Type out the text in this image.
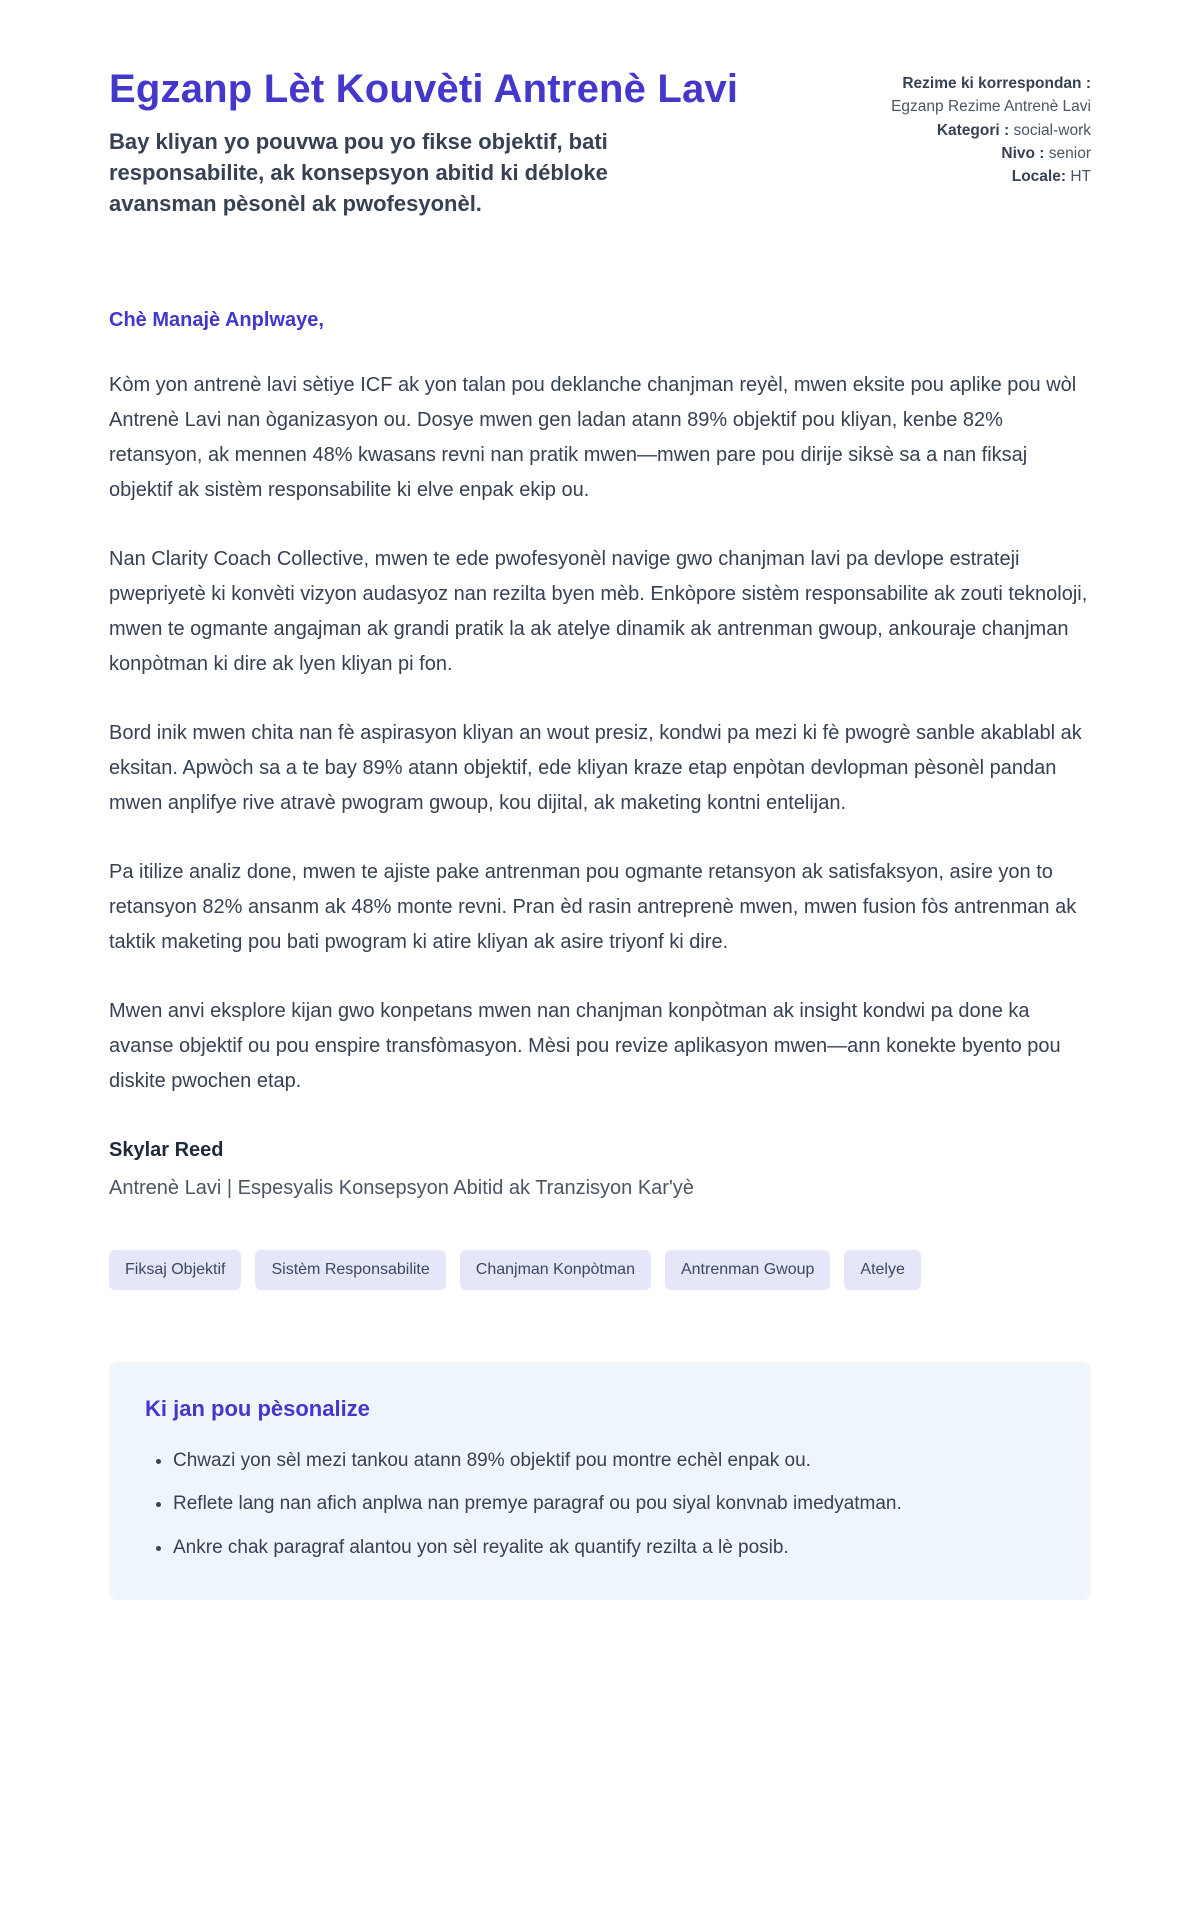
Egzanp Lèt Kouvèti Antrenè Lavi
Bay kliyan yo pouvwa pou yo fikse objektif, bati responsabilite, ak konsepsyon abitid ki débloke avansman pèsonèl ak pwofesyonèl.
Rezime ki korrespondan : Egzanp Rezime Antrenè Lavi
Kategori : social-work
Nivo : senior
Locale: HT
Chè Manajè Anplwaye,

Kòm yon antrenè lavi sètiye ICF ak yon talan pou deklanche chanjman reyèl, mwen eksite pou aplike pou wòl Antrenè Lavi nan òganizasyon ou. Dosye mwen gen ladan atann 89% objektif pou kliyan, kenbe 82% retansyon, ak mennen 48% kwasans revni nan pratik mwen—mwen pare pou dirije siksè sa a nan fiksaj objektif ak sistèm responsabilite ki elve enpak ekip ou.

Nan Clarity Coach Collective, mwen te ede pwofesyonèl navige gwo chanjman lavi pa devlope estrateji pwepriyetè ki konvèti vizyon audasyoz nan rezilta byen mèb. Enkòpore sistèm responsabilite ak zouti teknoloji, mwen te ogmante angajman ak grandi pratik la ak atelye dinamik ak antrenman gwoup, ankouraje chanjman konpòtman ki dire ak lyen kliyan pi fon.

Bord inik mwen chita nan fè aspirasyon kliyan an wout presiz, kondwi pa mezi ki fè pwogrè sanble akablabl ak eksitan. Apwòch sa a te bay 89% atann objektif, ede kliyan kraze etap enpòtan devlopman pèsonèl pandan mwen anplifye rive atravè pwogram gwoup, kou dijital, ak maketing kontni entelijan.

Pa itilize analiz done, mwen te ajiste pake antrenman pou ogmante retansyon ak satisfaksyon, asire yon to retansyon 82% ansanm ak 48% monte revni. Pran èd rasin antreprenè mwen, mwen fusion fòs antrenman ak taktik maketing pou bati pwogram ki atire kliyan ak asire triyonf ki dire.

Mwen anvi eksplore kijan gwo konpetans mwen nan chanjman konpòtman ak insight kondwi pa done ka avanse objektif ou pou enspire transfòmasyon. Mèsi pou revize aplikasyon mwen—ann konekte byento pou diskite pwochen etap.

Skylar Reed
Antrenè Lavi | Espesyalis Konsepsyon Abitid ak Tranzisyon Kar'yè
Fiksaj Objektif	Sistèm Responsabilite	Chanjman Konpòtman	Antrenman Gwoup	Atelye
Ki jan pou pèsonalize
• Chwazi yon sèl mezi tankou atann 89% objektif pou montre echèl enpak ou.
• Reflete lang nan afich anplwa nan premye paragraf ou pou siyal konvnab imedyatman.
• Ankre chak paragraf alantou yon sèl reyalite ak quantify rezilta a lè posib.
